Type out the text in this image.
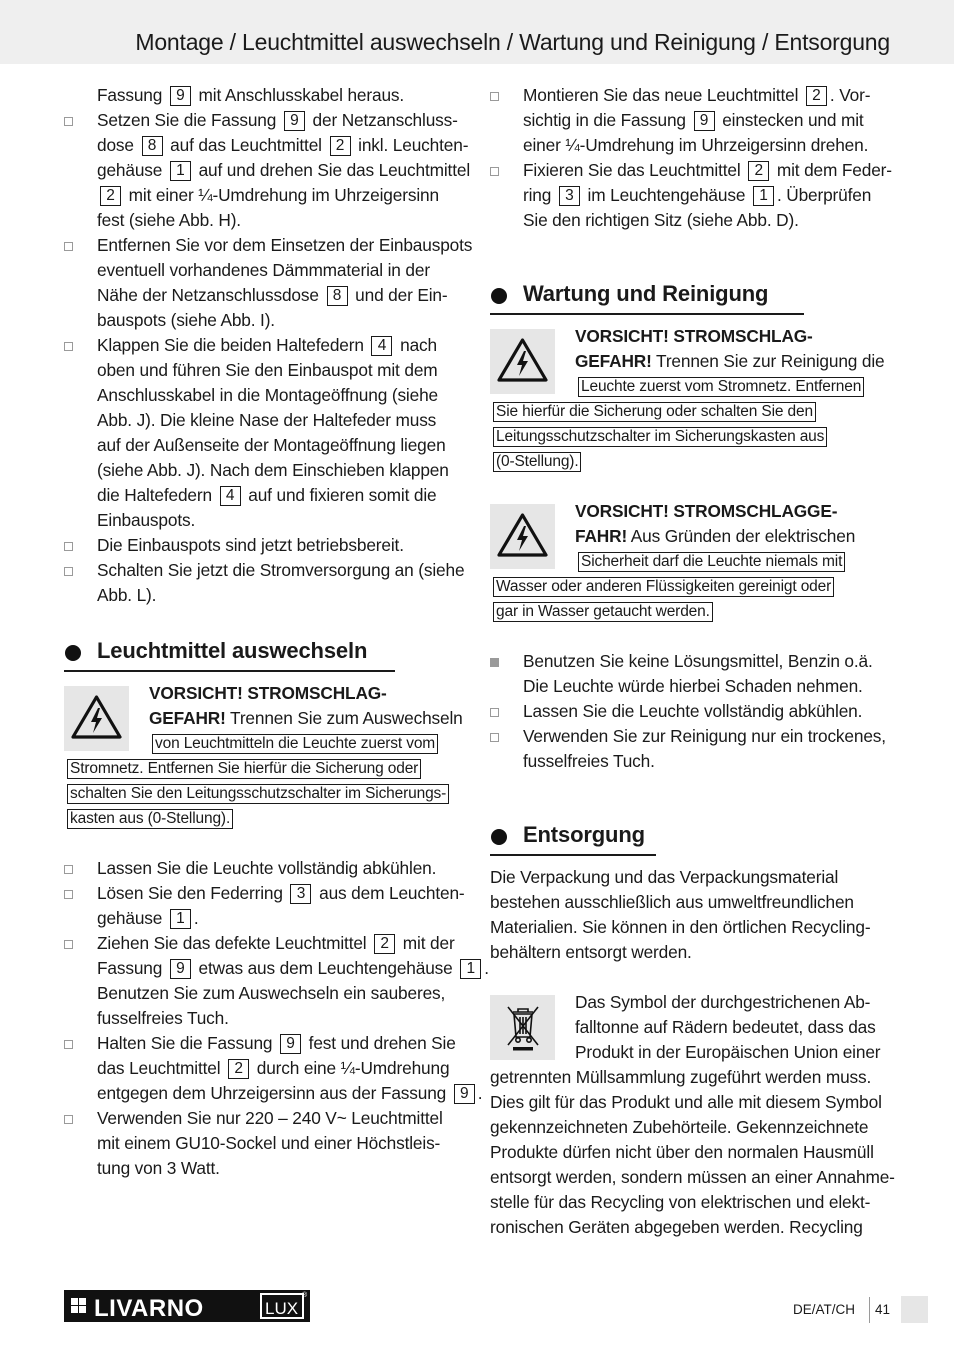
Montage / Leuchtmittel auswechseln / Wartung und Reinigung / Entsorgung
Fassung 9 mit Anschlusskabel heraus.
Setzen Sie die Fassung 9 der Netzanschluss-
dose 8 auf das Leuchtmittel 2 inkl. Leuchten-
gehäuse 1 auf und drehen Sie das Leuchtmittel
2 mit einer ¼-Umdrehung im Uhrzeigersinn
fest (siehe Abb. H).
Entfernen Sie vor dem Einsetzen der Einbauspots
eventuell vorhandenes Dämmmaterial in der
Nähe der Netzanschlussdose 8 und der Ein-
bauspots (siehe Abb. I).
Klappen Sie die beiden Haltefedern 4 nach
oben und führen Sie den Einbauspot mit dem
Anschlusskabel in die Montageöffnung (siehe
Abb. J). Die kleine Nase der Haltefeder muss
auf der Außenseite der Montageöffnung liegen
(siehe Abb. J). Nach dem Einschieben klappen
die Haltefedern 4 auf und fixieren somit die
Einbauspots.
Die Einbauspots sind jetzt betriebsbereit.
Schalten Sie jetzt die Stromversorgung an (siehe
Abb. L).
Leuchtmittel auswechseln
VORSICHT! STROMSCHLAG-
GEFAHR! Trennen Sie zum Auswechseln
von Leuchtmitteln die Leuchte zuerst vom
Stromnetz. Entfernen Sie hierfür die Sicherung oder
schalten Sie den Leitungsschutzschalter im Sicherungs-
kasten aus (0-Stellung).
Lassen Sie die Leuchte vollständig abkühlen.
Lösen Sie den Federring 3 aus dem Leuchten-
gehäuse 1 .
Ziehen Sie das defekte Leuchtmittel 2 mit der
Fassung 9 etwas aus dem Leuchtengehäuse 1 .
Benutzen Sie zum Auswechseln ein sauberes,
fusselfreies Tuch.
Halten Sie die Fassung 9 fest und drehen Sie
das Leuchtmittel 2 durch eine ¼-Umdrehung
entgegen dem Uhrzeigersinn aus der Fassung 9 .
Verwenden Sie nur 220 – 240 V~ Leuchtmittel
mit einem GU10-Sockel und einer Höchstleis-
tung von 3 Watt.
Montieren Sie das neue Leuchtmittel 2 . Vor-
sichtig in die Fassung 9 einstecken und mit
einer ¼-Umdrehung im Uhrzeigersinn drehen.
Fixieren Sie das Leuchtmittel 2 mit dem Feder-
ring 3 im Leuchtengehäuse 1 . Überprüfen
Sie den richtigen Sitz (siehe Abb. D).
Wartung und Reinigung
VORSICHT! STROMSCHLAG-
GEFAHR! Trennen Sie zur Reinigung die
Leuchte zuerst vom Stromnetz. Entfernen
Sie hierfür die Sicherung oder schalten Sie den
Leitungsschutzschalter im Sicherungskasten aus
(0-Stellung).
VORSICHT! STROMSCHLAGGE-
FAHR! Aus Gründen der elektrischen
Sicherheit darf die Leuchte niemals mit
Wasser oder anderen Flüssigkeiten gereinigt oder
gar in Wasser getaucht werden.
Benutzen Sie keine Lösungsmittel, Benzin o.ä.
Die Leuchte würde hierbei Schaden nehmen.
Lassen Sie die Leuchte vollständig abkühlen.
Verwenden Sie zur Reinigung nur ein trockenes,
fusselfreies Tuch.
Entsorgung
Die Verpackung und das Verpackungsmaterial
bestehen ausschließlich aus umweltfreundlichen
Materialien. Sie können in den örtlichen Recycling-
behältern entsorgt werden.
Das Symbol der durchgestrichenen Ab-
falltonne auf Rädern bedeutet, dass das
Produkt in der Europäischen Union einer
getrennten Müllsammlung zugeführt werden muss.
Dies gilt für das Produkt und alle mit diesem Symbol
gekennzeichneten Zubehörteile. Gekennzeichnete
Produkte dürfen nicht über den normalen Hausmüll
entsorgt werden, sondern müssen an einer Annahme-
stelle für das Recycling von elektrischen und elekt-
ronischen Geräten abgegeben werden. Recycling
LIVARNO	LUX
®
DE/AT/CH 41
